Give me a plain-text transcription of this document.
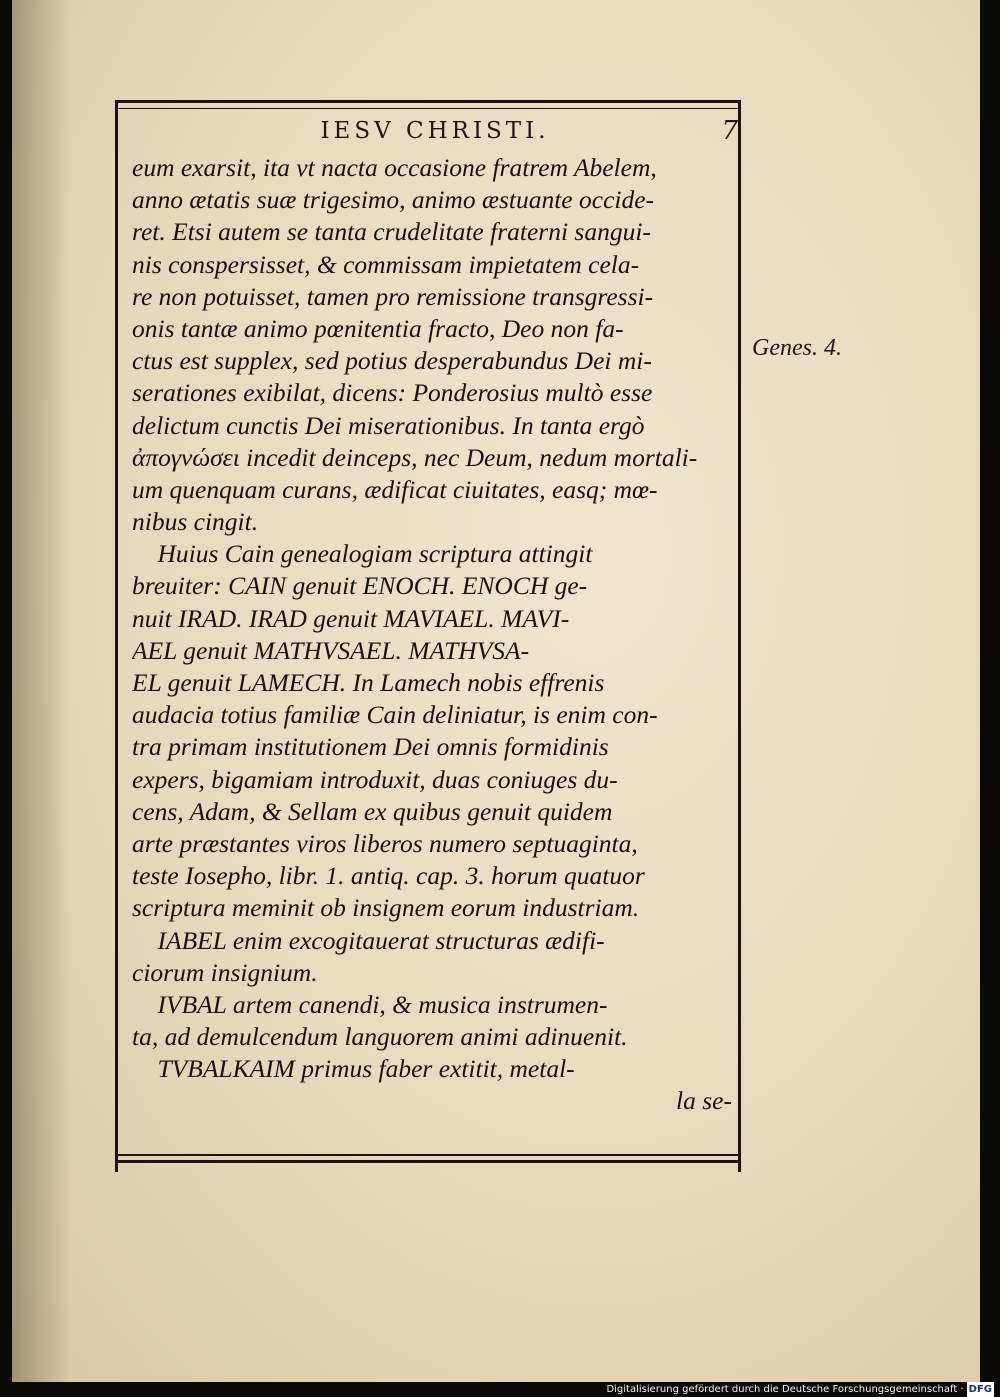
IESV CHRISTI.	7
Genes. 4.
eum exarsit, ita vt nacta occasione fratrem Abelem,
anno ætatis suæ trigesimo, animo æstuante occide-
ret. Etsi autem se tanta crudelitate fraterni sangui-
nis conspersisset, & commissam impietatem cela-
re non potuisset, tamen pro remissione transgressi-
onis tantæ animo pœnitentia fracto, Deo non fa-
ctus est supplex, sed potius desperabundus Dei mi-
serationes exibilat, dicens: Ponderosius multò esse
delictum cunctis Dei miserationibus. In tanta ergò
ἀπογνώσει incedit deinceps, nec Deum, nedum mortali-
um quenquam curans, ædificat ciuitates, easq; mœ-
nibus cingit.
Huius Cain genealogiam scriptura attingit
breuiter: CAIN genuit ENOCH. ENOCH ge-
nuit IRAD. IRAD genuit MAVIAEL. MAVI-
AEL genuit MATHVSAEL. MATHVSA-
EL genuit LAMECH. In Lamech nobis effrenis
audacia totius familiæ Cain deliniatur, is enim con-
tra primam institutionem Dei omnis formidinis
expers, bigamiam introduxit, duas coniuges du-
cens, Adam, & Sellam ex quibus genuit quidem
arte præstantes viros liberos numero septuaginta,
teste Iosepho, libr. 1. antiq. cap. 3. horum quatuor
scriptura meminit ob insignem eorum industriam.
IABEL enim excogitauerat structuras ædifi-
ciorum insignium.
IVBAL artem canendi, & musica instrumen-
ta, ad demulcendum languorem animi adinuenit.
TVBALKAIM primus faber extitit, metal-
la se-
Digitalisierung gefördert durch die Deutsche Forschungsgemeinschaft · DFG
